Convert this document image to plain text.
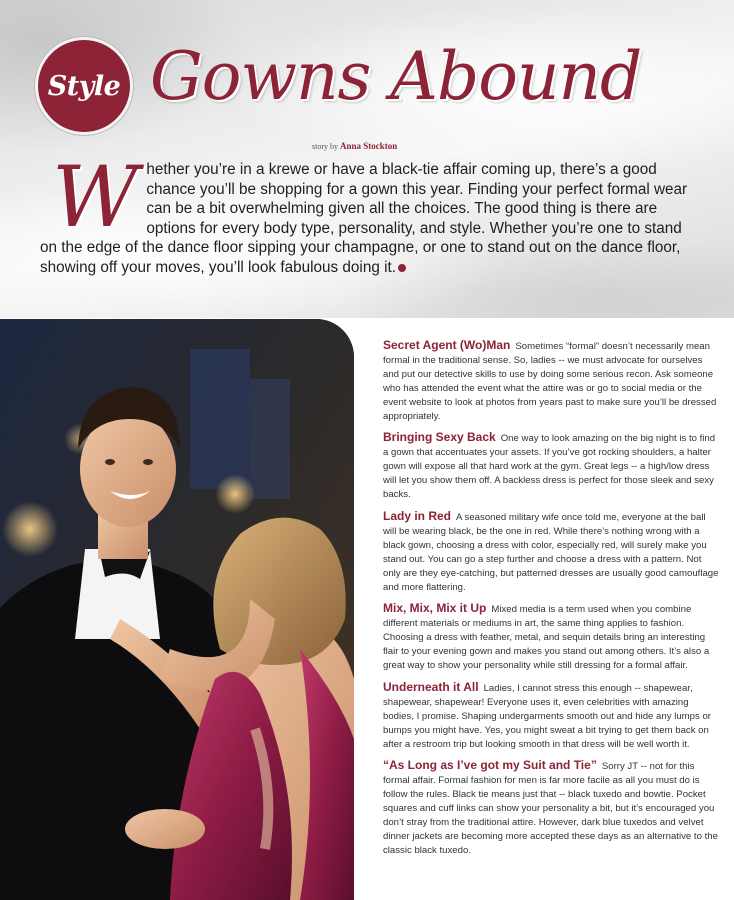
Style Gowns Abound
story by Anna Stockton
W hether you’re in a krewe or have a black-tie affair coming up, there’s a good chance you’ll be shopping for a gown this year. Finding your perfect formal wear can be a bit overwhelming given all the choices. The good thing is there are options for every body type, personality, and style. Whether you’re one to stand on the edge of the dance floor sipping your champagne, or one to stand out on the dance floor, showing off your moves, you’ll look fabulous doing it.

Secret Agent (Wo)Man Sometimes “formal” doesn’t necessarily mean formal in the traditional sense. So, ladies -- we must advocate for ourselves and put our detective skills to use by doing some serious recon. Ask someone who has attended the event what the attire was or go to social media or the event website to look at photos from years past to make sure you’ll be dressed appropriately.

Bringing Sexy Back One way to look amazing on the big night is to find a gown that accentuates your assets. If you’ve got rocking shoulders, a halter gown will expose all that hard work at the gym. Great legs -- a high/low dress will let you show them off. A backless dress is perfect for those sleek and sexy backs.

Lady in Red A seasoned military wife once told me, everyone at the ball will be wearing black, be the one in red. While there’s nothing wrong with a black gown, choosing a dress with color, especially red, will surely make you stand out. You can go a step further and choose a dress with a pattern. Not only are they eye-catching, but patterned dresses are usually good camouflage and more flattering.

Mix, Mix, Mix it Up Mixed media is a term used when you combine different materials or mediums in art, the same thing applies to fashion. Choosing a dress with feather, metal, and sequin details bring an interesting flair to your evening gown and makes you stand out among others. It’s also a great way to show your personality while still dressing for a formal affair.

Underneath it All Ladies, I cannot stress this enough -- shapewear, shapewear, shapewear! Everyone uses it, even celebrities with amazing bodies, I promise. Shaping undergarments smooth out and hide any lumps or bumps you might have. Yes, you might sweat a bit trying to get them back on after a restroom trip but looking smooth in that dress will be well worth it.

“As Long as I’ve got my Suit and Tie” Sorry JT -- not for this formal affair. Formal fashion for men is far more facile as all you must do is follow the rules. Black tie means just that -- black tuxedo and bowtie. Pocket squares and cuff links can show your personality a bit, but it’s encouraged you don’t stray from the traditional attire. However, dark blue tuxedos and velvet dinner jackets are becoming more accepted these days as an alternative to the classic black tuxedo.
